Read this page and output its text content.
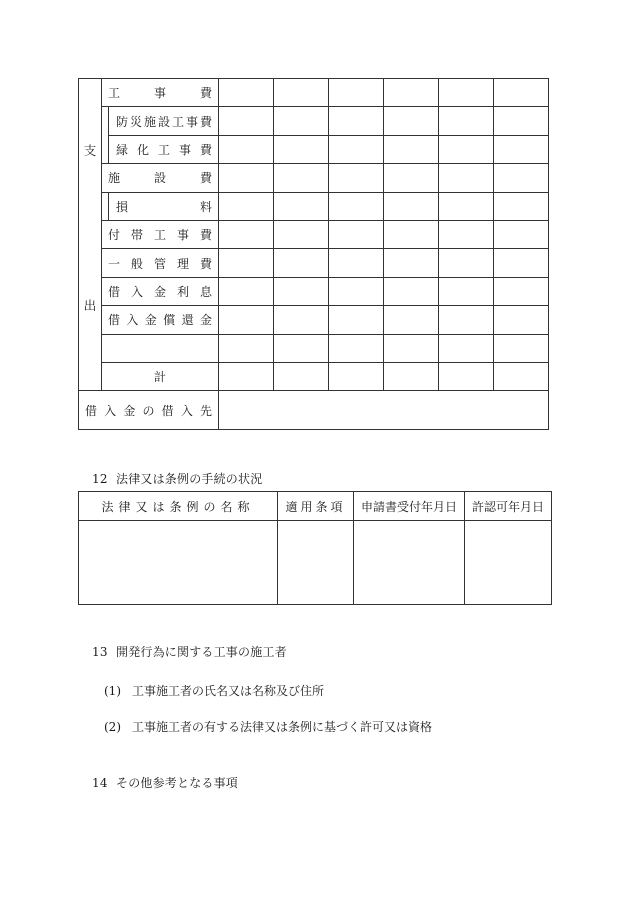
支	工　事　費							
		防災施設工事費						
		緑化工事費						
	施　設　費							
		損　　料						
出	付帯工事費							
	一般管理費							
	借入金利息							
	借入金償還金							

	計							
借入金の借入先								
12 法律又は条例の手続の状況
法律又は条例の名称	適用条項	申請書受付年月日	許認可年月日

13 開発行為に関する工事の施工者
(1) 工事施工者の氏名又は名称及び住所
(2) 工事施工者の有する法律又は条例に基づく許可又は資格
14 その他参考となる事項
